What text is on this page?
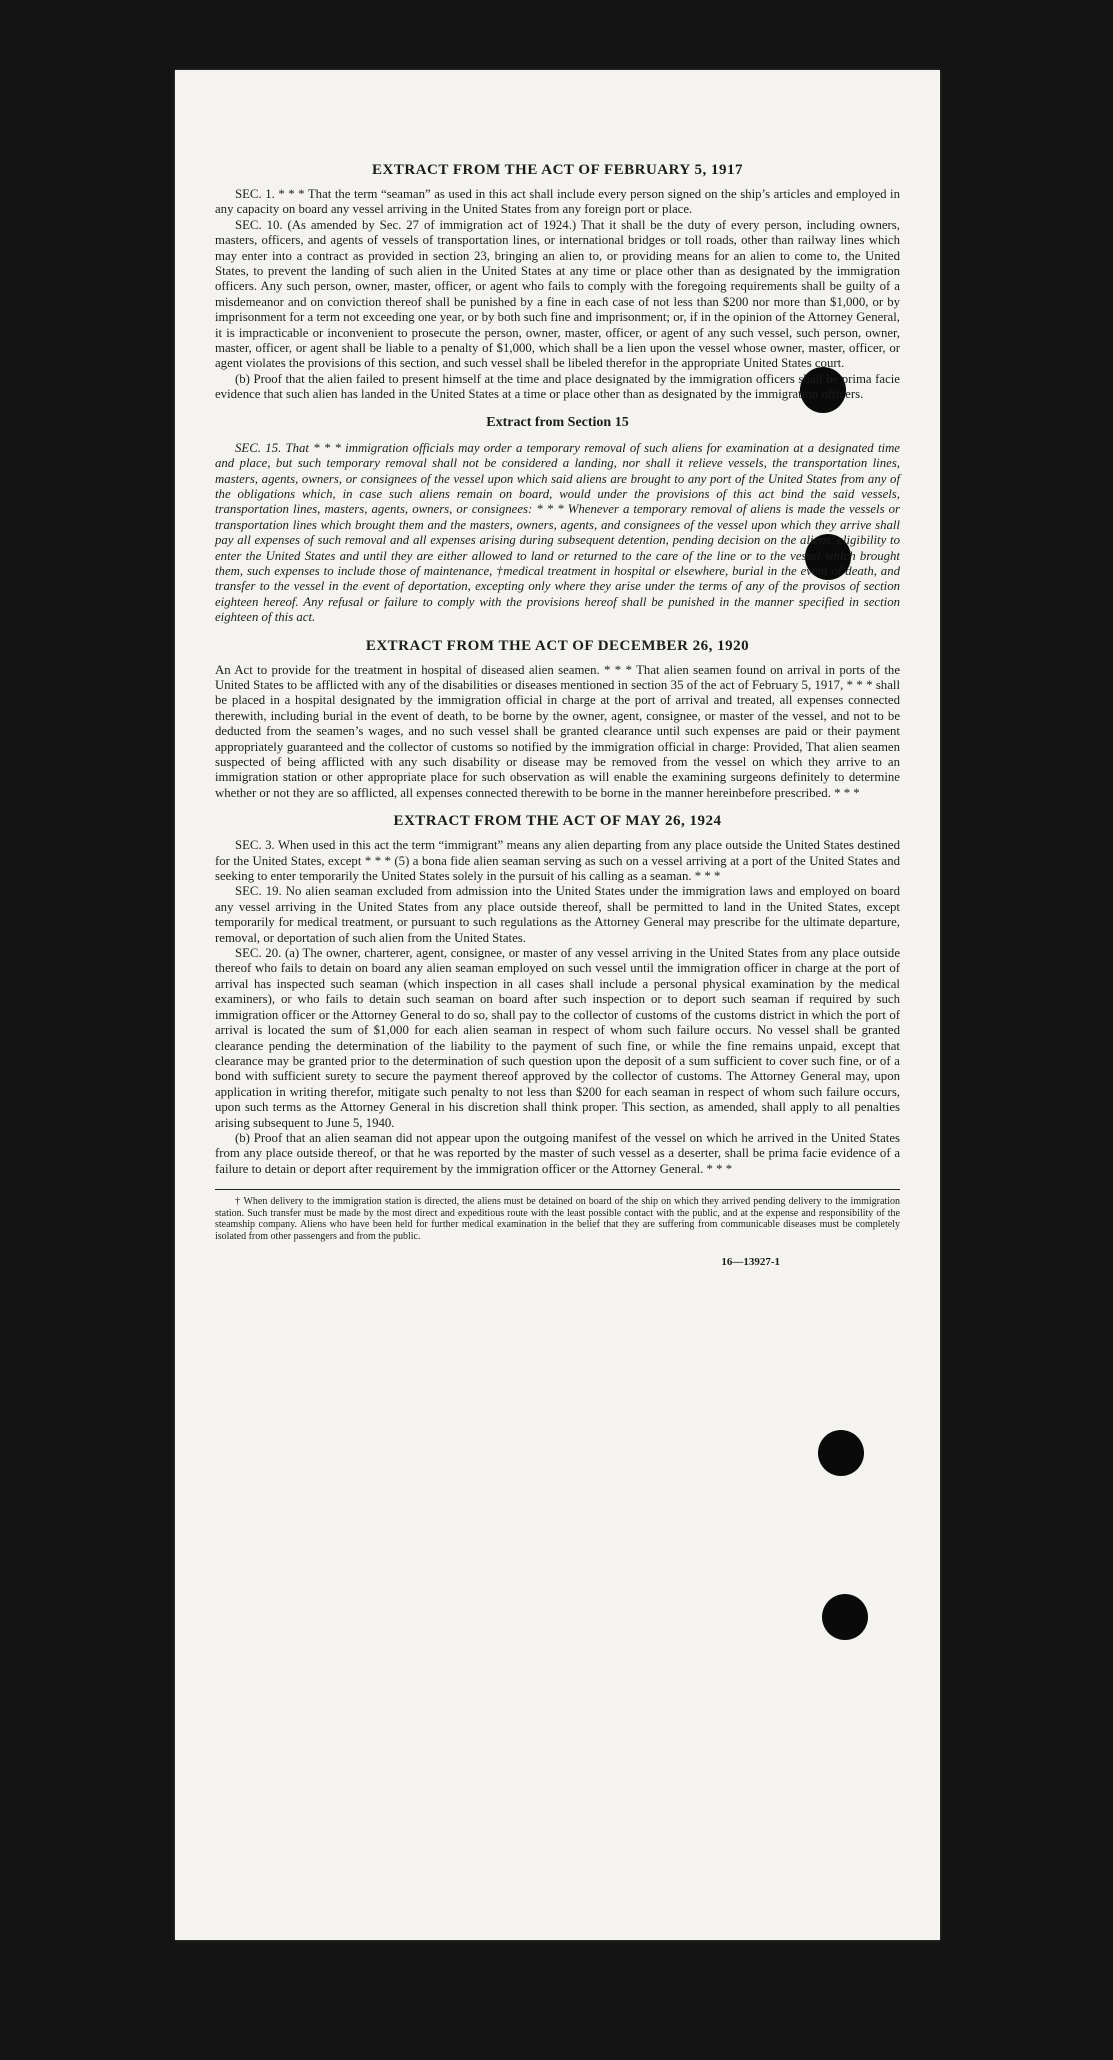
EXTRACT FROM THE ACT OF FEBRUARY 5, 1917

SEC. 1. * * * That the term “seaman” as used in this act shall include every person signed on the ship’s articles and employed in any capacity on board any vessel arriving in the United States from any foreign port or place.

SEC. 10. (As amended by Sec. 27 of immigration act of 1924.) That it shall be the duty of every person, including owners, masters, officers, and agents of vessels of transportation lines, or international bridges or toll roads, other than railway lines which may enter into a contract as provided in section 23, bringing an alien to, or providing means for an alien to come to, the United States, to prevent the landing of such alien in the United States at any time or place other than as designated by the immigration officers. Any such person, owner, master, officer, or agent who fails to comply with the foregoing requirements shall be guilty of a misdemeanor and on conviction thereof shall be punished by a fine in each case of not less than $200 nor more than $1,000, or by imprisonment for a term not exceeding one year, or by both such fine and imprisonment; or, if in the opinion of the Attorney General, it is impracticable or inconvenient to prosecute the person, owner, master, officer, or agent of any such vessel, such person, owner, master, officer, or agent shall be liable to a penalty of $1,000, which shall be a lien upon the vessel whose owner, master, officer, or agent violates the provisions of this section, and such vessel shall be libeled therefor in the appropriate United States court.

(b) Proof that the alien failed to present himself at the time and place designated by the immigration officers shall be prima facie evidence that such alien has landed in the United States at a time or place other than as designated by the immigration officers.

Extract from Section 15

SEC. 15. That * * * immigration officials may order a temporary removal of such aliens for examination at a designated time and place, but such temporary removal shall not be considered a landing, nor shall it relieve vessels, the transportation lines, masters, agents, owners, or consignees of the vessel upon which said aliens are brought to any port of the United States from any of the obligations which, in case such aliens remain on board, would under the provisions of this act bind the said vessels, transportation lines, masters, agents, owners, or consignees: * * * Whenever a temporary removal of aliens is made the vessels or transportation lines which brought them and the masters, owners, agents, and consignees of the vessel upon which they arrive shall pay all expenses of such removal and all expenses arising during subsequent detention, pending decision on the aliens’ eligibility to enter the United States and until they are either allowed to land or returned to the care of the line or to the vessel which brought them, such expenses to include those of maintenance, †medical treatment in hospital or elsewhere, burial in the event of death, and transfer to the vessel in the event of deportation, excepting only where they arise under the terms of any of the provisos of section eighteen hereof. Any refusal or failure to comply with the provisions hereof shall be punished in the manner specified in section eighteen of this act.

EXTRACT FROM THE ACT OF DECEMBER 26, 1920

An Act to provide for the treatment in hospital of diseased alien seamen. * * * That alien seamen found on arrival in ports of the United States to be afflicted with any of the disabilities or diseases mentioned in section 35 of the act of February 5, 1917, * * * shall be placed in a hospital designated by the immigration official in charge at the port of arrival and treated, all expenses connected therewith, including burial in the event of death, to be borne by the owner, agent, consignee, or master of the vessel, and not to be deducted from the seamen’s wages, and no such vessel shall be granted clearance until such expenses are paid or their payment appropriately guaranteed and the collector of customs so notified by the immigration official in charge: Provided, That alien seamen suspected of being afflicted with any such disability or disease may be removed from the vessel on which they arrive to an immigration station or other appropriate place for such observation as will enable the examining surgeons definitely to determine whether or not they are so afflicted, all expenses connected therewith to be borne in the manner hereinbefore prescribed. * * *

EXTRACT FROM THE ACT OF MAY 26, 1924

SEC. 3. When used in this act the term “immigrant” means any alien departing from any place outside the United States destined for the United States, except * * * (5) a bona fide alien seaman serving as such on a vessel arriving at a port of the United States and seeking to enter temporarily the United States solely in the pursuit of his calling as a seaman. * * *

SEC. 19. No alien seaman excluded from admission into the United States under the immigration laws and employed on board any vessel arriving in the United States from any place outside thereof, shall be permitted to land in the United States, except temporarily for medical treatment, or pursuant to such regulations as the Attorney General may prescribe for the ultimate departure, removal, or deportation of such alien from the United States.

SEC. 20. (a) The owner, charterer, agent, consignee, or master of any vessel arriving in the United States from any place outside thereof who fails to detain on board any alien seaman employed on such vessel until the immigration officer in charge at the port of arrival has inspected such seaman (which inspection in all cases shall include a personal physical examination by the medical examiners), or who fails to detain such seaman on board after such inspection or to deport such seaman if required by such immigration officer or the Attorney General to do so, shall pay to the collector of customs of the customs district in which the port of arrival is located the sum of $1,000 for each alien seaman in respect of whom such failure occurs. No vessel shall be granted clearance pending the determination of the liability to the payment of such fine, or while the fine remains unpaid, except that clearance may be granted prior to the determination of such question upon the deposit of a sum sufficient to cover such fine, or of a bond with sufficient surety to secure the payment thereof approved by the collector of customs. The Attorney General may, upon application in writing therefor, mitigate such penalty to not less than $200 for each seaman in respect of whom such failure occurs, upon such terms as the Attorney General in his discretion shall think proper. This section, as amended, shall apply to all penalties arising subsequent to June 5, 1940.

(b) Proof that an alien seaman did not appear upon the outgoing manifest of the vessel on which he arrived in the United States from any place outside thereof, or that he was reported by the master of such vessel as a deserter, shall be prima facie evidence of a failure to detain or deport after requirement by the immigration officer or the Attorney General. * * *

† When delivery to the immigration station is directed, the aliens must be detained on board of the ship on which they arrived pending delivery to the immigration station. Such transfer must be made by the most direct and expeditious route with the least possible contact with the public, and at the expense and responsibility of the steamship company. Aliens who have been held for further medical examination in the belief that they are suffering from communicable diseases must be completely isolated from other passengers and from the public.

16—13927-1
